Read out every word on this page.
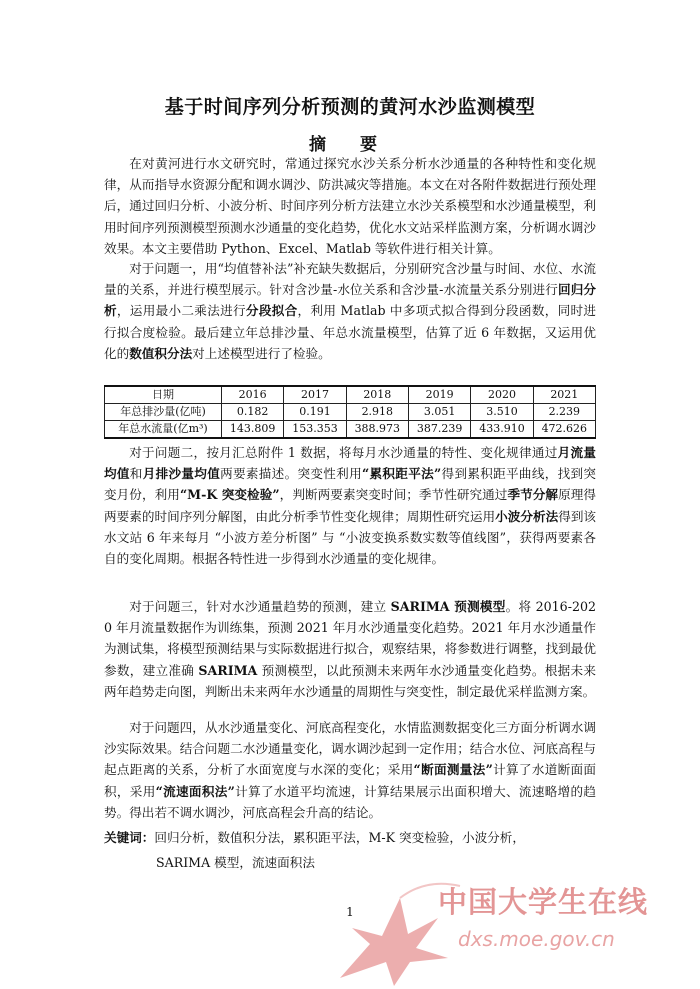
基于时间序列分析预测的黄河水沙监测模型
摘 要

在对黄河进行水文研究时，常通过探究水沙关系分析水沙通量的各种特性和变化规律，从而指导水资源分配和调水调沙、防洪减灾等措施。本文在对各附件数据进行预处理后，通过回归分析、小波分析、时间序列分析方法建立水沙关系模型和水沙通量模型，利用时间序列预测模型预测水沙通量的变化趋势，优化水文站采样监测方案，分析调水调沙效果。本文主要借助 Python、Excel、Matlab 等软件进行相关计算。

对于问题一，用“均值替补法”补充缺失数据后，分别研究含沙量与时间、水位、水流量的关系，并进行模型展示。针对含沙量-水位关系和含沙量-水流量关系分别进行回归分析，运用最小二乘法进行分段拟合，利用 Matlab 中多项式拟合得到分段函数，同时进行拟合度检验。最后建立年总排沙量、年总水流量模型，估算了近 6 年数据，又运用优化的数值积分法对上述模型进行了检验。

日期	2016	2017	2018	2019	2020	2021
年总排沙量(亿吨)	0.182	0.191	2.918	3.051	3.510	2.239
年总水流量(亿m³)	143.809	153.353	388.973	387.239	433.910	472.626

对于问题二，按月汇总附件 1 数据，将每月水沙通量的特性、变化规律通过月流量均值和月排沙量均值两要素描述。突变性利用“累积距平法”得到累积距平曲线，找到突变月份，利用“M-K 突变检验”，判断两要素突变时间；季节性研究通过季节分解原理得两要素的时间序列分解图，由此分析季节性变化规律；周期性研究运用小波分析法得到该水文站 6 年来每月 “小波方差分析图” 与 “小波变换系数实数等值线图”，获得两要素各自的变化周期。根据各特性进一步得到水沙通量的变化规律。

对于问题三，针对水沙通量趋势的预测，建立 SARIMA 预测模型。将 2016-2020 年月流量数据作为训练集，预测 2021 年月水沙通量变化趋势。2021 年月水沙通量作为测试集，将模型预测结果与实际数据进行拟合，观察结果，将参数进行调整，找到最优参数，建立准确 SARIMA 预测模型，以此预测未来两年水沙通量变化趋势。根据未来两年趋势走向图，判断出未来两年水沙通量的周期性与突变性，制定最优采样监测方案。

对于问题四，从水沙通量变化、河底高程变化，水情监测数据变化三方面分析调水调沙实际效果。结合问题二水沙通量变化，调水调沙起到一定作用；结合水位、河底高程与起点距离的关系，分析了水面宽度与水深的变化；采用“断面测量法”计算了水道断面面积，采用“流速面积法”计算了水道平均流速，计算结果展示出面积增大、流速略增的趋势。得出若不调水调沙，河底高程会升高的结论。

关键词：回归分析，数值积分法，累积距平法，M-K 突变检验，小波分析，
SARIMA 模型，流速面积法
1	中国大学生在线
dxs.moe.gov.cn
